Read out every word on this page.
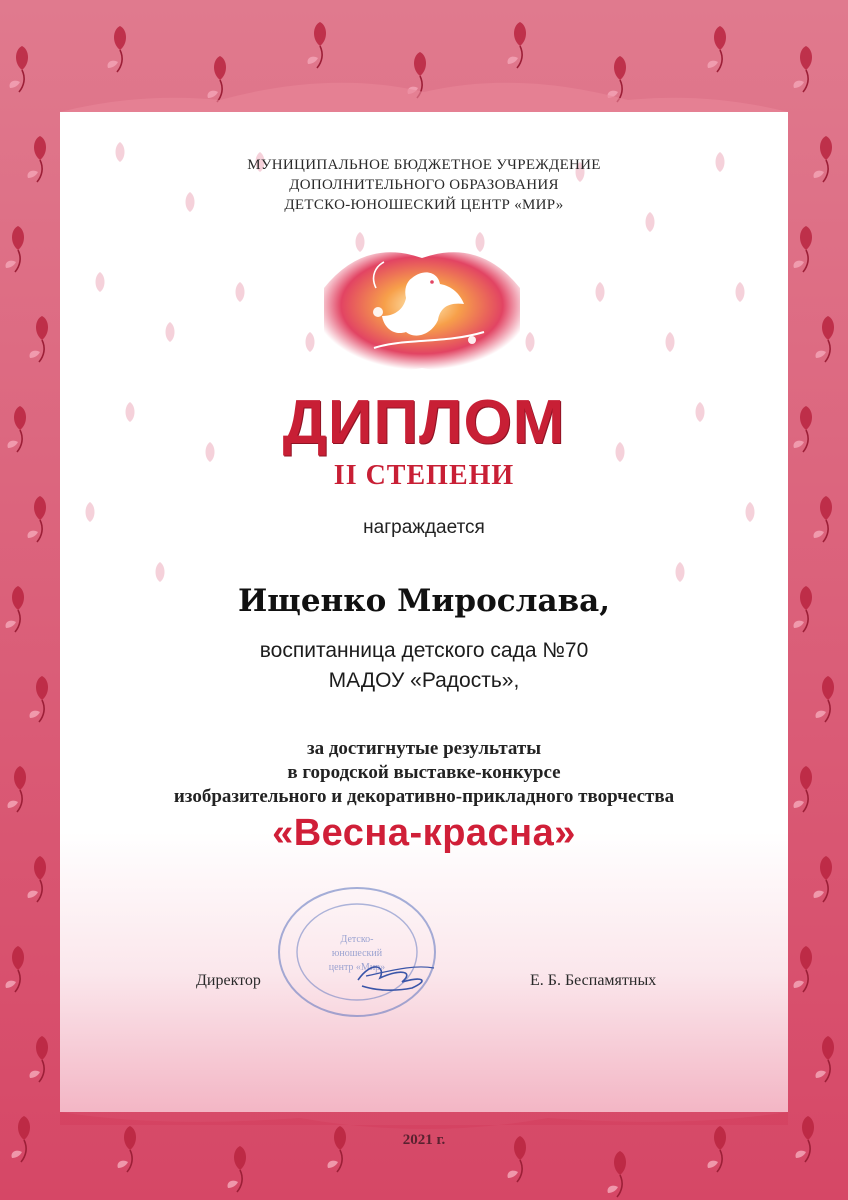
МУНИЦИПАЛЬНОЕ БЮДЖЕТНОЕ УЧРЕЖДЕНИЕ
ДОПОЛНИТЕЛЬНОГО ОБРАЗОВАНИЯ
ДЕТСКО-ЮНОШЕСКИЙ ЦЕНТР «МИР»
ДИПЛОМ
II СТЕПЕНИ
награждается
Ищенко Мирослава,
воспитанница детского сада №70
МАДОУ «Радость»,
за достигнутые результаты
в городской выставке-конкурсе
изобразительного и декоративно-прикладного творчества
«Весна-красна»
Детско-
юношеский
центр «Мир»
Директор	Е. Б. Беспамятных
2021 г.
